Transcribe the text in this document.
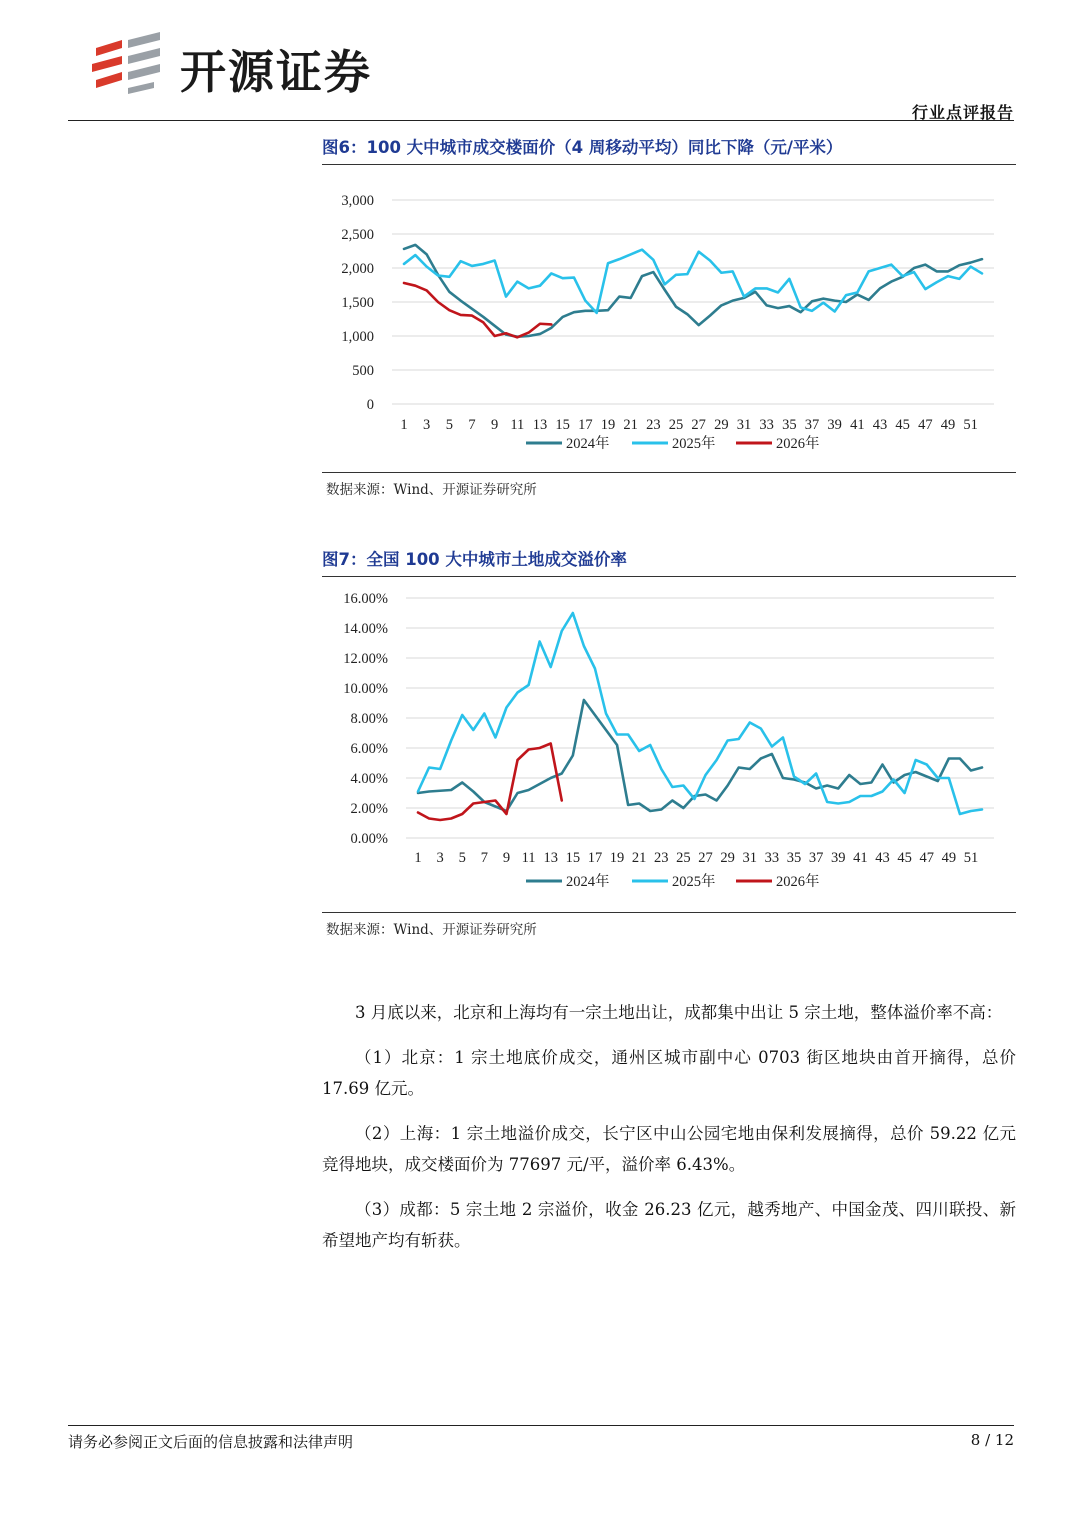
开源证券
行业点评报告
图6：100 大中城市成交楼面价（4 周移动平均）同比下降（元/平米）
0
500
1,000
1,500
2,000
2,500
3,000
1 3 5 7 9 11 13 15 17 19 21 23 25 27 29 31 33 35 37 39 41 43 45 47 49 51
2024年	2025年	2026年
数据来源：Wind、开源证券研究所
图7：全国 100 大中城市土地成交溢价率
0.00%
2.00%
4.00%
6.00%
8.00%
10.00%
12.00%
14.00%
16.00%
1 3 5 7 9 11 13 15 17 19 21 23 25 27 29 31 33 35 37 39 41 43 45 47 49 51
2024年	2025年	2026年
数据来源：Wind、开源证券研究所

3 月底以来，北京和上海均有一宗土地出让，成都集中出让 5 宗土地，整体溢价率不高：

（1）北京：1 宗土地底价成交，通州区城市副中心 0703 街区地块由首开摘得，总价 17.69 亿元。

（2）上海：1 宗土地溢价成交，长宁区中山公园宅地由保利发展摘得，总价 59.22 亿元竞得地块，成交楼面价为 77697 元/平，溢价率 6.43%。

（3）成都：5 宗土地 2 宗溢价，收金 26.23 亿元，越秀地产、中国金茂、四川联投、新希望地产均有斩获。

请务必参阅正文后面的信息披露和法律声明	8 / 12
